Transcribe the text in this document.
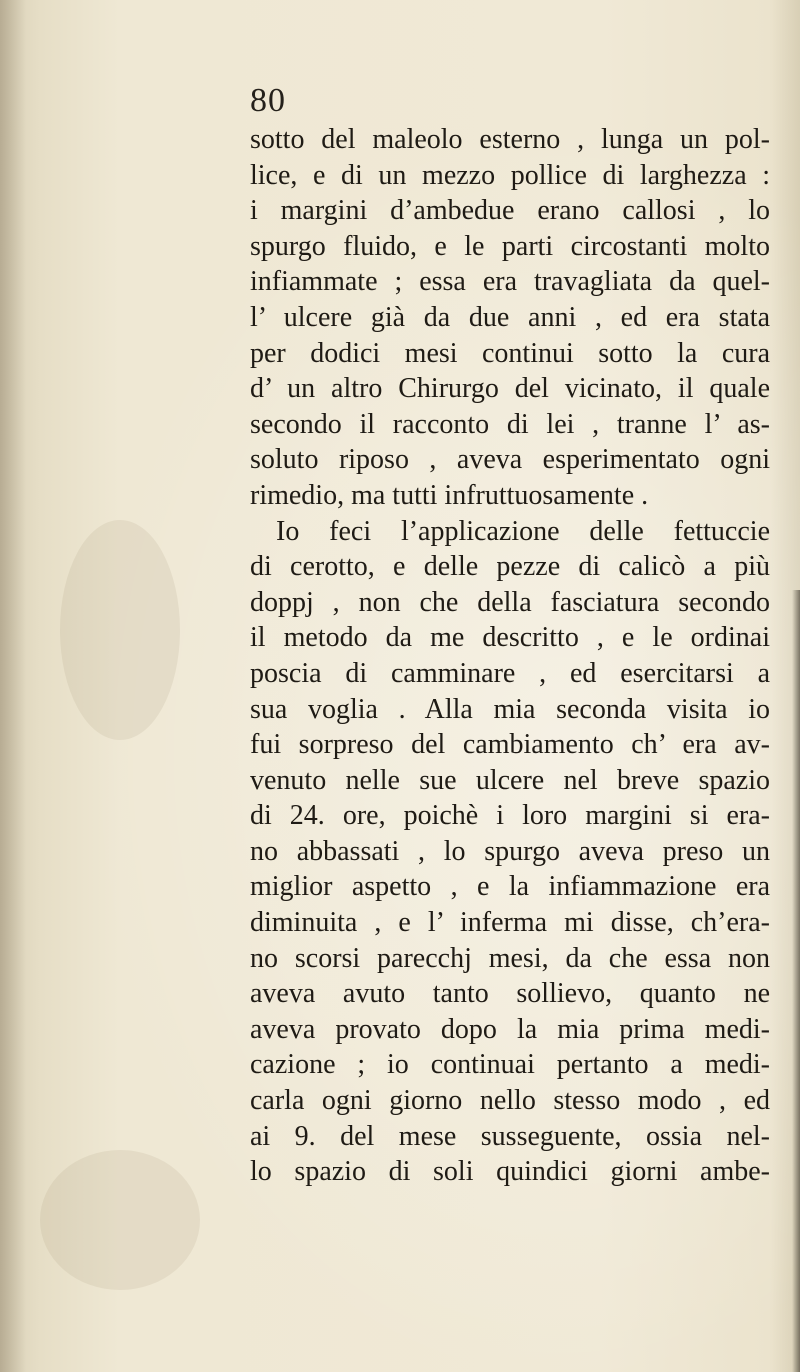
80
sotto del maleolo esterno , lunga un pol-
lice, e di un mezzo pollice di larghezza :
i margini d’ambedue erano callosi , lo
spurgo fluido, e le parti circostanti molto
infiammate ; essa era travagliata da quel-
l’ ulcere già da due anni , ed era stata
per dodici mesi continui sotto la cura
d’ un altro Chirurgo del vicinato, il quale
secondo il racconto di lei , tranne l’ as-
soluto riposo , aveva esperimentato ogni
rimedio, ma tutti infruttuosamente .
Io feci l’applicazione delle fettuccie
di cerotto, e delle pezze di calicò a più
doppj , non che della fasciatura secondo
il metodo da me descritto , e le ordinai
poscia di camminare , ed esercitarsi a
sua voglia . Alla mia seconda visita io
fui sorpreso del cambiamento ch’ era av-
venuto nelle sue ulcere nel breve spazio
di 24. ore, poichè i loro margini si era-
no abbassati , lo spurgo aveva preso un
miglior aspetto , e la infiammazione era
diminuita , e l’ inferma mi disse, ch’era-
no scorsi parecchj mesi, da che essa non
aveva avuto tanto sollievo, quanto ne
aveva provato dopo la mia prima medi-
cazione ; io continuai pertanto a medi-
carla ogni giorno nello stesso modo , ed
ai 9. del mese susseguente, ossia nel-
lo spazio di soli quindici giorni ambe-
